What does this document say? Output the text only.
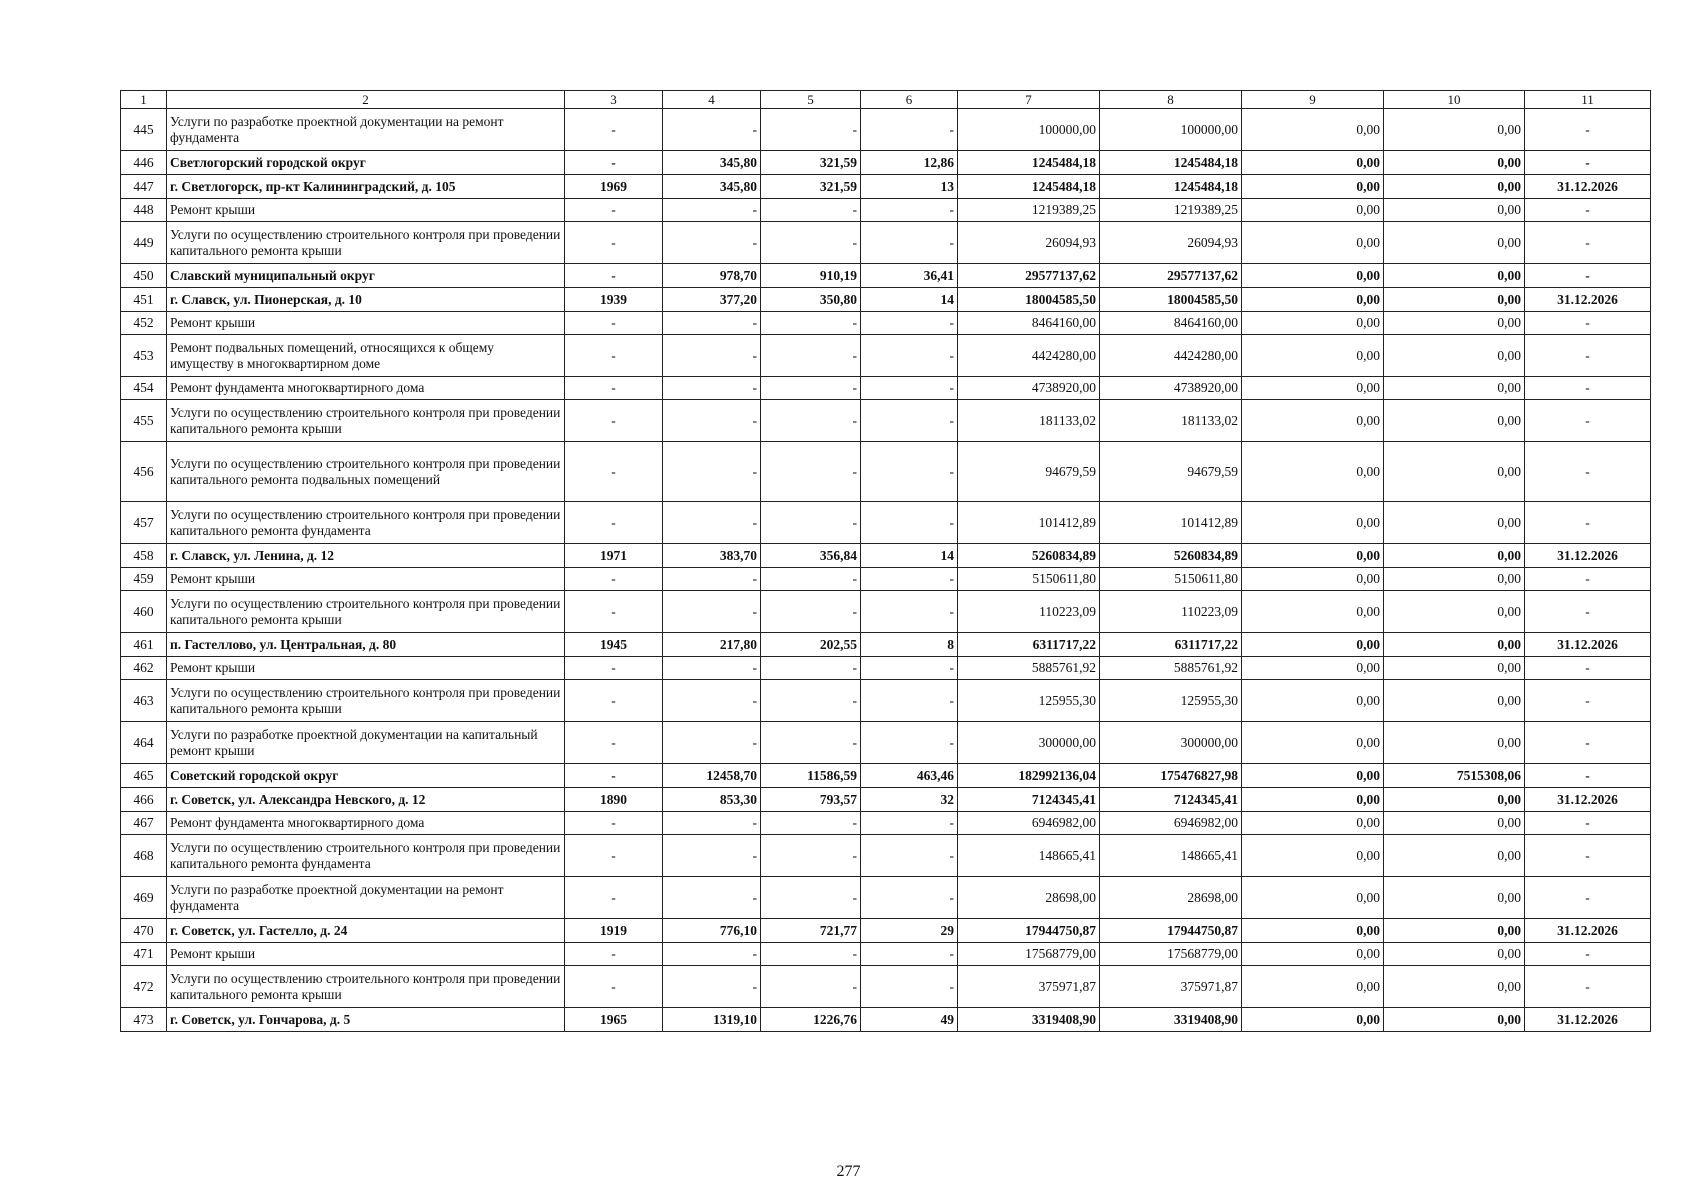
1	2	3	4	5	6	7	8	9	10	11
445	Услуги по разработке проектной документации на ремонт фундамента	-	-	-	-	100000,00	100000,00	0,00	0,00	-
446	Светлогорский городской округ	-	345,80	321,59	12,86	1245484,18	1245484,18	0,00	0,00	-
447	г. Светлогорск, пр-кт Калининградский, д. 105	1969	345,80	321,59	13	1245484,18	1245484,18	0,00	0,00	31.12.2026
448	Ремонт крыши	-	-	-	-	1219389,25	1219389,25	0,00	0,00	-
449	Услуги по осуществлению строительного контроля при проведении капитального ремонта крыши	-	-	-	-	26094,93	26094,93	0,00	0,00	-
450	Славский муниципальный округ	-	978,70	910,19	36,41	29577137,62	29577137,62	0,00	0,00	-
451	г. Славск, ул. Пионерская, д. 10	1939	377,20	350,80	14	18004585,50	18004585,50	0,00	0,00	31.12.2026
452	Ремонт крыши	-	-	-	-	8464160,00	8464160,00	0,00	0,00	-
453	Ремонт подвальных помещений, относящихся к общему имуществу в многоквартирном доме	-	-	-	-	4424280,00	4424280,00	0,00	0,00	-
454	Ремонт фундамента многоквартирного дома	-	-	-	-	4738920,00	4738920,00	0,00	0,00	-
455	Услуги по осуществлению строительного контроля при проведении капитального ремонта крыши	-	-	-	-	181133,02	181133,02	0,00	0,00	-
456	Услуги по осуществлению строительного контроля при проведении капитального ремонта подвальных помещений	-	-	-	-	94679,59	94679,59	0,00	0,00	-
457	Услуги по осуществлению строительного контроля при проведении капитального ремонта фундамента	-	-	-	-	101412,89	101412,89	0,00	0,00	-
458	г. Славск, ул. Ленина, д. 12	1971	383,70	356,84	14	5260834,89	5260834,89	0,00	0,00	31.12.2026
459	Ремонт крыши	-	-	-	-	5150611,80	5150611,80	0,00	0,00	-
460	Услуги по осуществлению строительного контроля при проведении капитального ремонта крыши	-	-	-	-	110223,09	110223,09	0,00	0,00	-
461	п. Гастеллово, ул. Центральная, д. 80	1945	217,80	202,55	8	6311717,22	6311717,22	0,00	0,00	31.12.2026
462	Ремонт крыши	-	-	-	-	5885761,92	5885761,92	0,00	0,00	-
463	Услуги по осуществлению строительного контроля при проведении капитального ремонта крыши	-	-	-	-	125955,30	125955,30	0,00	0,00	-
464	Услуги по разработке проектной документации на капитальный ремонт крыши	-	-	-	-	300000,00	300000,00	0,00	0,00	-
465	Советский городской округ	-	12458,70	11586,59	463,46	182992136,04	175476827,98	0,00	7515308,06	-
466	г. Советск, ул. Александра Невского, д. 12	1890	853,30	793,57	32	7124345,41	7124345,41	0,00	0,00	31.12.2026
467	Ремонт фундамента многоквартирного дома	-	-	-	-	6946982,00	6946982,00	0,00	0,00	-
468	Услуги по осуществлению строительного контроля при проведении капитального ремонта фундамента	-	-	-	-	148665,41	148665,41	0,00	0,00	-
469	Услуги по разработке проектной документации на ремонт фундамента	-	-	-	-	28698,00	28698,00	0,00	0,00	-
470	г. Советск, ул. Гастелло, д. 24	1919	776,10	721,77	29	17944750,87	17944750,87	0,00	0,00	31.12.2026
471	Ремонт крыши	-	-	-	-	17568779,00	17568779,00	0,00	0,00	-
472	Услуги по осуществлению строительного контроля при проведении капитального ремонта крыши	-	-	-	-	375971,87	375971,87	0,00	0,00	-
473	г. Советск, ул. Гончарова, д. 5	1965	1319,10	1226,76	49	3319408,90	3319408,90	0,00	0,00	31.12.2026
277
